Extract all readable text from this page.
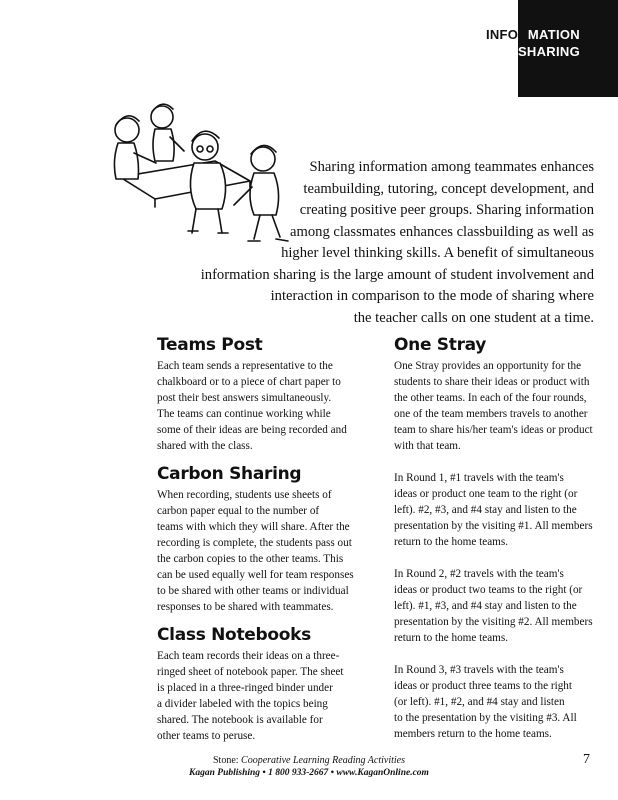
INFORMATION

SHARING

Sharing information among teammates enhances
teambuilding, tutoring, concept development, and
creating positive peer groups. Sharing information
among classmates enhances classbuilding as well as
higher level thinking skills. A benefit of simultaneous
information sharing is the large amount of student involvement and
interaction in comparison to the mode of sharing where
the teacher calls on one student at a time.

Teams Post

Each team sends a representative to the
chalkboard or to a piece of chart paper to
post their best answers simultaneously.
The teams can continue working while
some of their ideas are being recorded and
shared with the class.

Carbon Sharing

When recording, students use sheets of
carbon paper equal to the number of
teams with which they will share. After the
recording is complete, the students pass out
the carbon copies to the other teams. This
can be used equally well for team responses
to be shared with other teams or individual
responses to be shared with teammates.

Class Notebooks

Each team records their ideas on a three-
ringed sheet of notebook paper. The sheet
is placed in a three-ringed binder under
a divider labeled with the topics being
shared. The notebook is available for
other teams to peruse.

One Stray

One Stray provides an opportunity for the
students to share their ideas or product with
the other teams. In each of the four rounds,
one of the team members travels to another
team to share his/her team's ideas or product
with that team.

In Round 1, #1 travels with the team's
ideas or product one team to the right (or
left). #2, #3, and #4 stay and listen to the
presentation by the visiting #1. All members
return to the home teams.

In Round 2, #2 travels with the team's
ideas or product two teams to the right (or
left). #1, #3, and #4 stay and listen to the
presentation by the visiting #2. All members
return to the home teams.

In Round 3, #3 travels with the team's
ideas or product three teams to the right
(or left). #1, #2, and #4 stay and listen
to the presentation by the visiting #3. All
members return to the home teams.

Stone: Cooperative Learning Reading Activities

Kagan Publishing • 1 800 933-2667 • www.KaganOnline.com

7
